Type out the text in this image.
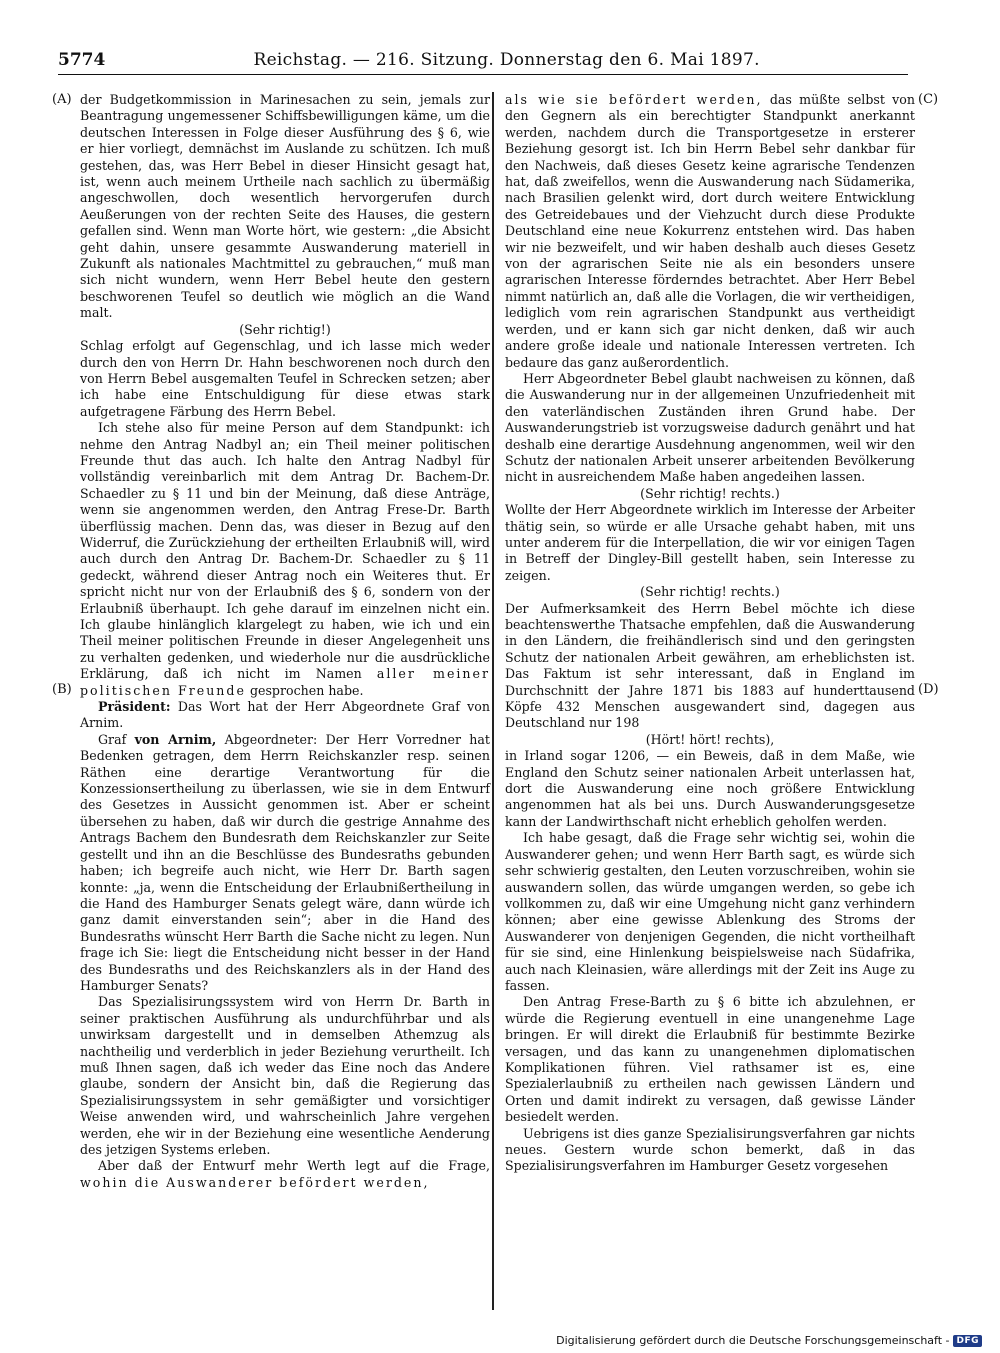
5774	Reichstag. — 216. Sitzung. Donnerstag den 6. Mai 1897.
(A)
(B)
(C)
(D)

der Budgetkommission in Marinesachen zu sein, jemals zur Beantragung ungemessener Schiffsbewilligungen käme, um die deutschen Interessen in Folge dieser Ausführung des § 6, wie er hier vorliegt, demnächst im Auslande zu schützen. Ich muß gestehen, das, was Herr Bebel in dieser Hinsicht gesagt hat, ist, wenn auch meinem Urtheile nach sachlich zu übermäßig angeschwollen, doch wesentlich hervorgerufen durch Aeußerungen von der rechten Seite des Hauses, die gestern gefallen sind. Wenn man Worte hört, wie gestern: „die Absicht geht dahin, unsere gesammte Auswanderung materiell in Zukunft als nationales Machtmittel zu gebrauchen,“ muß man sich nicht wundern, wenn Herr Bebel heute den gestern beschworenen Teufel so deutlich wie möglich an die Wand malt.

(Sehr richtig!)

Schlag erfolgt auf Gegenschlag, und ich lasse mich weder durch den von Herrn Dr. Hahn beschworenen noch durch den von Herrn Bebel ausgemalten Teufel in Schrecken setzen; aber ich habe eine Entschuldigung für diese etwas stark aufgetragene Färbung des Herrn Bebel.

Ich stehe also für meine Person auf dem Standpunkt: ich nehme den Antrag Nadbyl an; ein Theil meiner politischen Freunde thut das auch. Ich halte den Antrag Nadbyl für vollständig vereinbarlich mit dem Antrag Dr. Bachem-Dr. Schaedler zu § 11 und bin der Meinung, daß diese Anträge, wenn sie angenommen werden, den Antrag Frese-Dr. Barth überflüssig machen. Denn das, was dieser in Bezug auf den Widerruf, die Zurückziehung der ertheilten Erlaubniß will, wird auch durch den Antrag Dr. Bachem-Dr. Schaedler zu § 11 gedeckt, während dieser Antrag noch ein Weiteres thut. Er spricht nicht nur von der Erlaubniß des § 6, sondern von der Erlaubniß überhaupt. Ich gehe darauf im einzelnen nicht ein. Ich glaube hinlänglich klargelegt zu haben, wie ich und ein Theil meiner politischen Freunde in dieser Angelegenheit uns zu verhalten gedenken, und wiederhole nur die ausdrückliche Erklärung, daß ich nicht im Namen aller meiner politischen Freunde gesprochen habe.

Präsident: Das Wort hat der Herr Abgeordnete Graf von Arnim.

Graf von Arnim, Abgeordneter: Der Herr Vorredner hat Bedenken getragen, dem Herrn Reichskanzler resp. seinen Räthen eine derartige Verantwortung für die Konzessionsertheilung zu überlassen, wie sie in dem Entwurf des Gesetzes in Aussicht genommen ist. Aber er scheint übersehen zu haben, daß wir durch die gestrige Annahme des Antrags Bachem den Bundesrath dem Reichskanzler zur Seite gestellt und ihn an die Beschlüsse des Bundesraths gebunden haben; ich begreife auch nicht, wie Herr Dr. Barth sagen konnte: „ja, wenn die Entscheidung der Erlaubnißertheilung in die Hand des Hamburger Senats gelegt wäre, dann würde ich ganz damit einverstanden sein“; aber in die Hand des Bundesraths wünscht Herr Barth die Sache nicht zu legen. Nun frage ich Sie: liegt die Entscheidung nicht besser in der Hand des Bundesraths und des Reichskanzlers als in der Hand des Hamburger Senats?

Das Spezialisirungssystem wird von Herrn Dr. Barth in seiner praktischen Ausführung als undurchführbar und als unwirksam dargestellt und in demselben Athemzug als nachtheilig und verderblich in jeder Beziehung verurtheilt. Ich muß Ihnen sagen, daß ich weder das Eine noch das Andere glaube, sondern der Ansicht bin, daß die Regierung das Spezialisirungssystem in sehr gemäßigter und vorsichtiger Weise anwenden wird, und wahrscheinlich Jahre vergehen werden, ehe wir in der Beziehung eine wesentliche Aenderung des jetzigen Systems erleben.

Aber daß der Entwurf mehr Werth legt auf die Frage, wohin die Auswanderer befördert werden,

als wie sie befördert werden, das müßte selbst von den Gegnern als ein berechtigter Standpunkt anerkannt werden, nachdem durch die Transportgesetze in ersterer Beziehung gesorgt ist. Ich bin Herrn Bebel sehr dankbar für den Nachweis, daß dieses Gesetz keine agrarische Tendenzen hat, daß zweifellos, wenn die Auswanderung nach Südamerika, nach Brasilien gelenkt wird, dort durch weitere Entwicklung des Getreidebaues und der Viehzucht durch diese Produkte Deutschland eine neue Kokurrenz entstehen wird. Das haben wir nie bezweifelt, und wir haben deshalb auch dieses Gesetz von der agrarischen Seite nie als ein besonders unsere agrarischen Interesse förderndes betrachtet. Aber Herr Bebel nimmt natürlich an, daß alle die Vorlagen, die wir vertheidigen, lediglich vom rein agrarischen Standpunkt aus vertheidigt werden, und er kann sich gar nicht denken, daß wir auch andere große ideale und nationale Interessen vertreten. Ich bedaure das ganz außerordentlich.

Herr Abgeordneter Bebel glaubt nachweisen zu können, daß die Auswanderung nur in der allgemeinen Unzufriedenheit mit den vaterländischen Zuständen ihren Grund habe. Der Auswanderungstrieb ist vorzugsweise dadurch genährt und hat deshalb eine derartige Ausdehnung angenommen, weil wir den Schutz der nationalen Arbeit unserer arbeitenden Bevölkerung nicht in ausreichendem Maße haben angedeihen lassen.

(Sehr richtig! rechts.)

Wollte der Herr Abgeordnete wirklich im Interesse der Arbeiter thätig sein, so würde er alle Ursache gehabt haben, mit uns unter anderem für die Interpellation, die wir vor einigen Tagen in Betreff der Dingley-Bill gestellt haben, sein Interesse zu zeigen.

(Sehr richtig! rechts.)

Der Aufmerksamkeit des Herrn Bebel möchte ich diese beachtenswerthe Thatsache empfehlen, daß die Auswanderung in den Ländern, die freihändlerisch sind und den geringsten Schutz der nationalen Arbeit gewähren, am erheblichsten ist. Das Faktum ist sehr interessant, daß in England im Durchschnitt der Jahre 1871 bis 1883 auf hunderttausend Köpfe 432 Menschen ausgewandert sind, dagegen aus Deutschland nur 198

(Hört! hört! rechts),

in Irland sogar 1206, — ein Beweis, daß in dem Maße, wie England den Schutz seiner nationalen Arbeit unterlassen hat, dort die Auswanderung eine noch größere Entwicklung angenommen hat als bei uns. Durch Auswanderungsgesetze kann der Landwirthschaft nicht erheblich geholfen werden.

Ich habe gesagt, daß die Frage sehr wichtig sei, wohin die Auswanderer gehen; und wenn Herr Barth sagt, es würde sich sehr schwierig gestalten, den Leuten vorzuschreiben, wohin sie auswandern sollen, das würde umgangen werden, so gebe ich vollkommen zu, daß wir eine Umgehung nicht ganz verhindern können; aber eine gewisse Ablenkung des Stroms der Auswanderer von denjenigen Gegenden, die nicht vortheilhaft für sie sind, eine Hinlenkung beispielsweise nach Südafrika, auch nach Kleinasien, wäre allerdings mit der Zeit ins Auge zu fassen.

Den Antrag Frese-Barth zu § 6 bitte ich abzulehnen, er würde die Regierung eventuell in eine unangenehme Lage bringen. Er will direkt die Erlaubniß für bestimmte Bezirke versagen, und das kann zu unangenehmen diplomatischen Komplikationen führen. Viel rathsamer ist es, eine Spezialerlaubniß zu ertheilen nach gewissen Ländern und Orten und damit indirekt zu versagen, daß gewisse Länder besiedelt werden.

Uebrigens ist dies ganze Spezialisirungsverfahren gar nichts neues. Gestern wurde schon bemerkt, daß in das Spezialisirungsverfahren im Hamburger Gesetz vorgesehen

Digitalisierung gefördert durch die Deutsche Forschungsgemeinschaft - DFG
